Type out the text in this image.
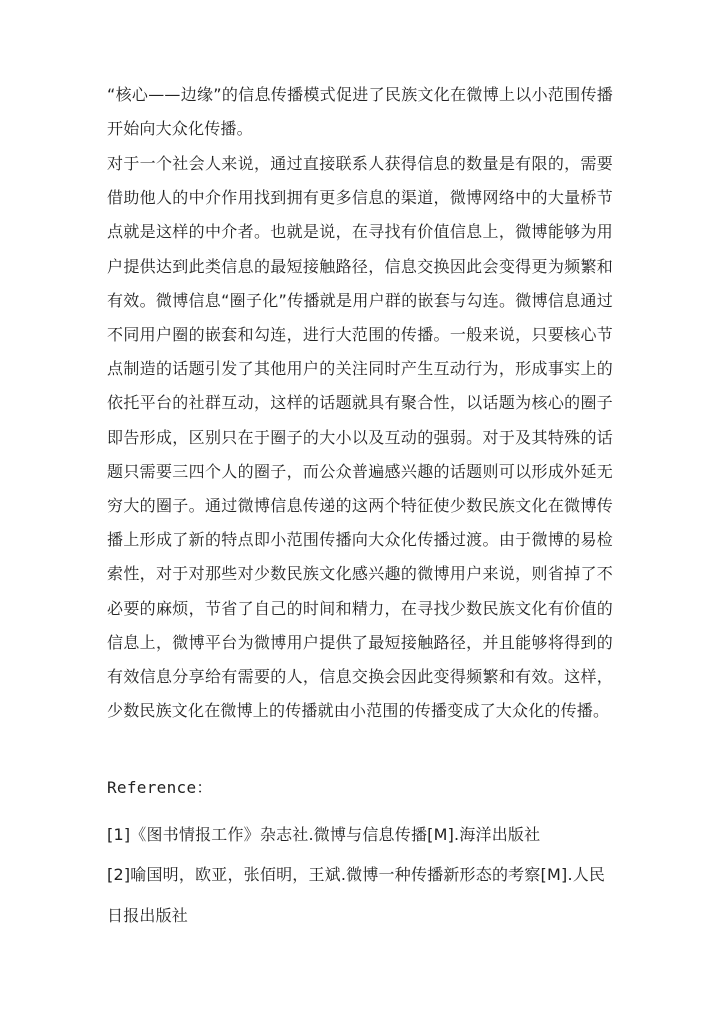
“核心——边缘”的信息传播模式促进了民族文化在微博上以小范围传播开始向大众化传播。

对于一个社会人来说，通过直接联系人获得信息的数量是有限的，需要借助他人的中介作用找到拥有更多信息的渠道，微博网络中的大量桥节点就是这样的中介者。也就是说，在寻找有价值信息上，微博能够为用户提供达到此类信息的最短接触路径，信息交换因此会变得更为频繁和有效。微博信息“圈子化”传播就是用户群的嵌套与勾连。微博信息通过不同用户圈的嵌套和勾连，进行大范围的传播。一般来说，只要核心节点制造的话题引发了其他用户的关注同时产生互动行为，形成事实上的依托平台的社群互动，这样的话题就具有聚合性，以话题为核心的圈子即告形成，区别只在于圈子的大小以及互动的强弱。对于及其特殊的话题只需要三四个人的圈子，而公众普遍感兴趣的话题则可以形成外延无穷大的圈子。通过微博信息传递的这两个特征使少数民族文化在微博传播上形成了新的特点即小范围传播向大众化传播过渡。由于微博的易检索性，对于对那些对少数民族文化感兴趣的微博用户来说，则省掉了不必要的麻烦，节省了自己的时间和精力，在寻找少数民族文化有价值的信息上，微博平台为微博用户提供了最短接触路径，并且能够将得到的有效信息分享给有需要的人，信息交换会因此变得频繁和有效。这样，少数民族文化在微博上的传播就由小范围的传播变成了大众化的传播。

Reference：

[1]《图书情报工作》杂志社.微博与信息传播[M].海洋出版社

[2]喻国明，欧亚，张佰明，王斌.微博一种传播新形态的考察[M].人民日报出版社
